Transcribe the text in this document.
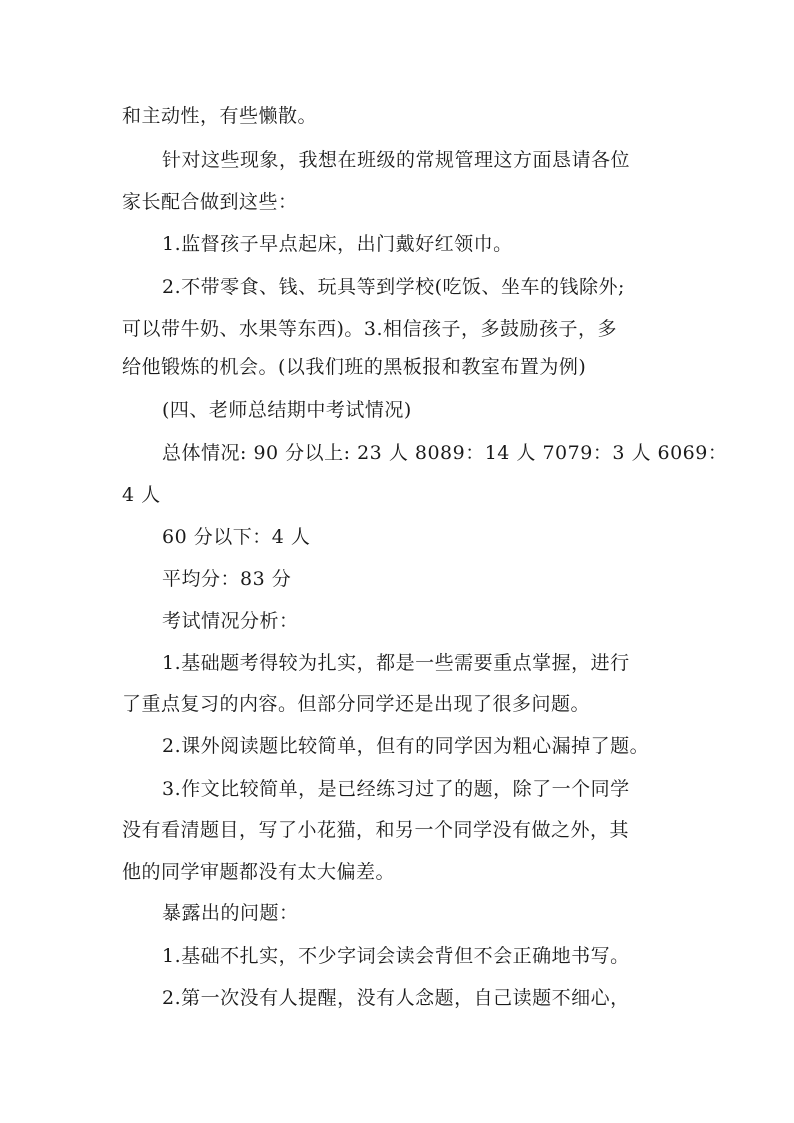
和主动性，有些懒散。
针对这些现象，我想在班级的常规管理这方面恳请各位
家长配合做到这些：
1.监督孩子早点起床，出门戴好红领巾。
2.不带零食、钱、玩具等到学校(吃饭、坐车的钱除外;
可以带牛奶、水果等东西)。3.相信孩子，多鼓励孩子，多
给他锻炼的机会。(以我们班的黑板报和教室布置为例)
(四、老师总结期中考试情况)
总体情况: 90 分以上: 23 人 8089：14 人 7079：3 人 6069：
4 人
60 分以下：4 人
平均分：83 分
考试情况分析：
1.基础题考得较为扎实，都是一些需要重点掌握，进行
了重点复习的内容。但部分同学还是出现了很多问题。
2.课外阅读题比较简单，但有的同学因为粗心漏掉了题。
3.作文比较简单，是已经练习过了的题，除了一个同学
没有看清题目，写了小花猫，和另一个同学没有做之外，其
他的同学审题都没有太大偏差。
暴露出的问题：
1.基础不扎实，不少字词会读会背但不会正确地书写。
2.第一次没有人提醒，没有人念题，自己读题不细心，
